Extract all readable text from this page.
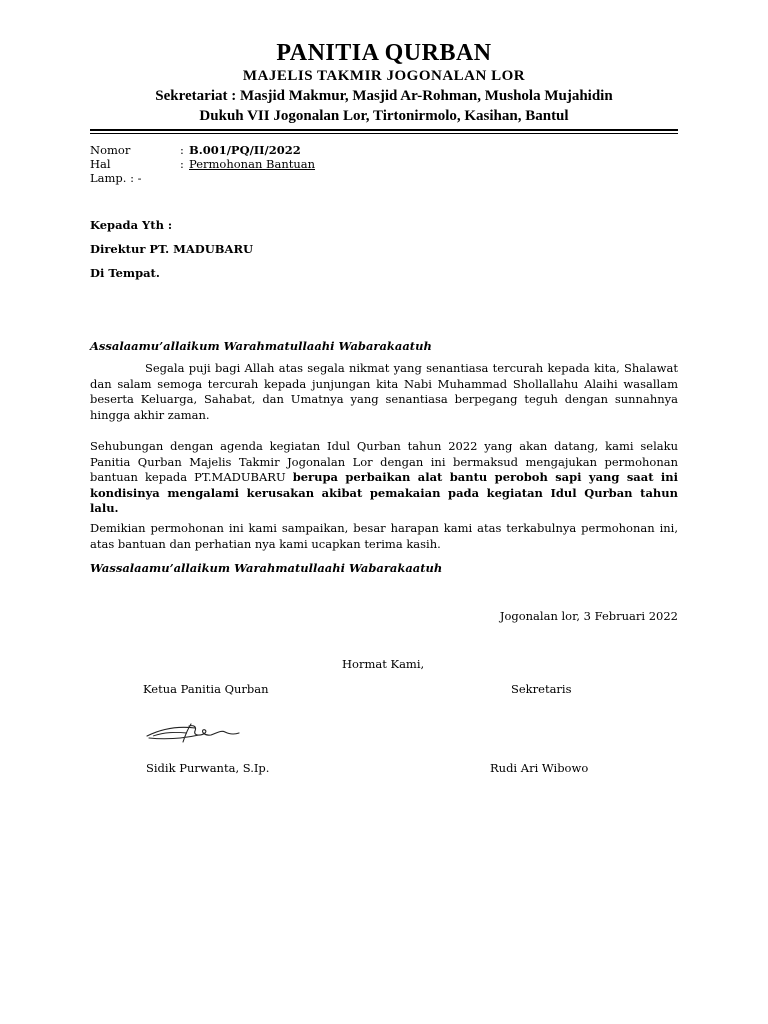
PANITIA QURBAN
MAJELIS TAKMIR JOGONALAN LOR
Sekretariat : Masjid Makmur, Masjid Ar-Rohman, Mushola Mujahidin
Dukuh VII Jogonalan Lor, Tirtonirmolo, Kasihan, Bantul
Nomor	: B.001/PQ/II/2022
Hal	: Permohonan Bantuan
Lamp. : -
Kepada Yth :
Direktur PT. MADUBARU
Di Tempat.
Assalaamu’allaikum Warahmatullaahi Wabarakaatuh
Segala puji bagi Allah atas segala nikmat yang senantiasa tercurah kepada kita, Shalawat dan salam semoga tercurah kepada junjungan kita Nabi Muhammad Shollallahu Alaihi wasallam beserta Keluarga, Sahabat, dan Umatnya yang senantiasa berpegang teguh dengan sunnahnya hingga akhir zaman.
Sehubungan dengan agenda kegiatan Idul Qurban tahun 2022 yang akan datang, kami selaku Panitia Qurban Majelis Takmir Jogonalan Lor dengan ini bermaksud mengajukan permohonan bantuan kepada PT.MADUBARU berupa perbaikan alat bantu peroboh sapi yang saat ini kondisinya mengalami kerusakan akibat pemakaian pada kegiatan Idul Qurban tahun lalu.
Demikian permohonan ini kami sampaikan, besar harapan kami atas terkabulnya permohonan ini, atas bantuan dan perhatian nya kami ucapkan terima kasih.
Wassalaamu’allaikum Warahmatullaahi Wabarakaatuh
Jogonalan lor, 3 Februari 2022
Hormat Kami,
Ketua Panitia Qurban	Sekretaris
Sidik Purwanta, S.Ip.	Rudi Ari Wibowo
